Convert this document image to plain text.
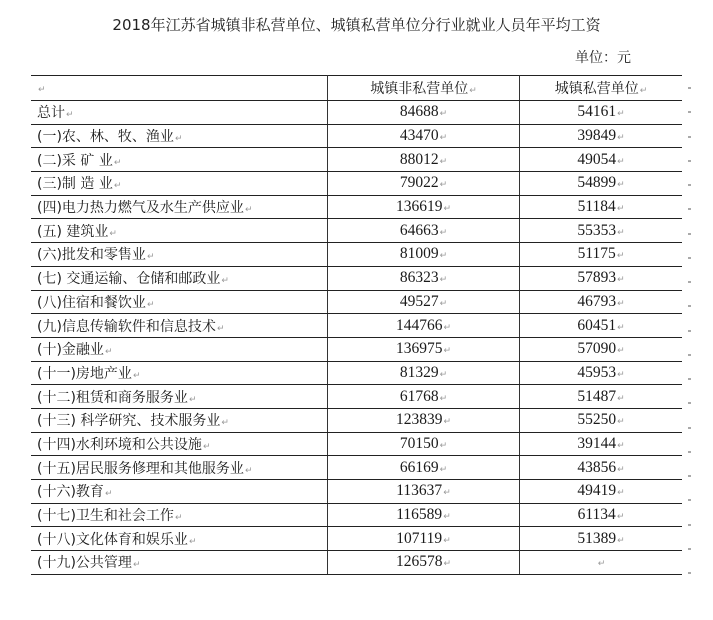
2018年江苏省城镇非私营单位、城镇私营单位分行业就业人员年平均工资
单位：元
↵	城镇非私营单位↵	城镇私营单位↵
总计↵	84688↵	54161↵
(一)农、林、牧、渔业↵	43470↵	39849↵
(二)采 矿 业↵	88012↵	49054↵
(三)制 造 业↵	79022↵	54899↵
(四)电力热力燃气及水生产供应业↵	136619↵	51184↵
(五) 建筑业↵	64663↵	55353↵
(六)批发和零售业↵	81009↵	51175↵
(七) 交通运输、仓储和邮政业↵	86323↵	57893↵
(八)住宿和餐饮业↵	49527↵	46793↵
(九)信息传输软件和信息技术↵	144766↵	60451↵
(十)金融业↵	136975↵	57090↵
(十一)房地产业↵	81329↵	45953↵
(十二)租赁和商务服务业↵	61768↵	51487↵
(十三) 科学研究、技术服务业↵	123839↵	55250↵
(十四)水利环境和公共设施↵	70150↵	39144↵
(十五)居民服务修理和其他服务业↵	66169↵	43856↵
(十六)教育↵	113637↵	49419↵
(十七)卫生和社会工作↵	116589↵	61134↵
(十八)文化体育和娱乐业↵	107119↵	51389↵
(十九)公共管理↵	126578↵	↵
